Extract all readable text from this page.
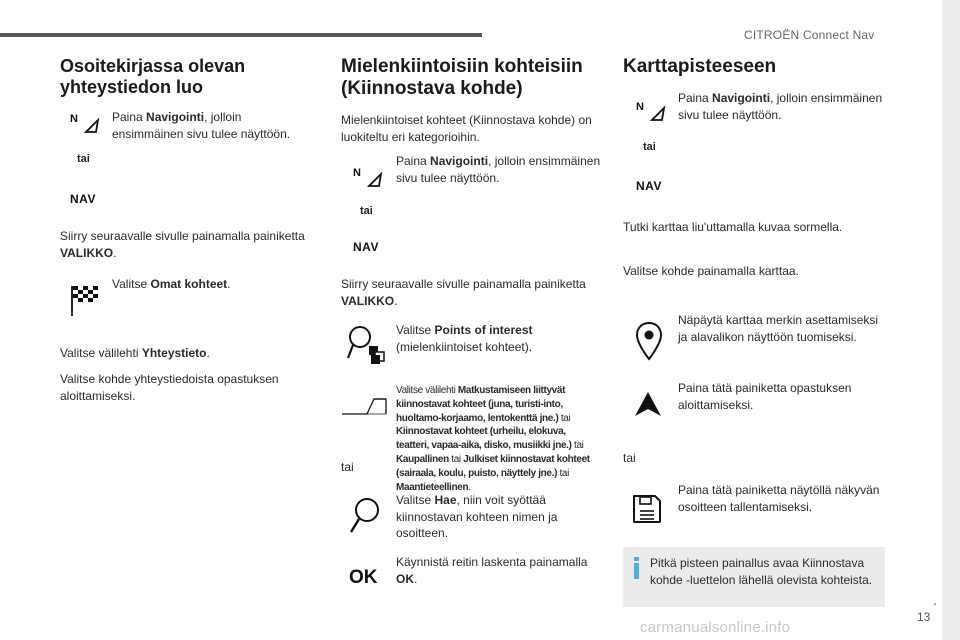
CITROËN Connect Nav
.
13
carmanualsonline.info
Osoitekirjassa olevan yhteystiedon luo
N
tai
NAV
Paina Navigointi, jolloin ensimmäinen sivu tulee näyttöön.
Siirry seuraavalle sivulle painamalla painiketta VALIKKO.
Valitse Omat kohteet.
Valitse välilehti Yhteystieto.
Valitse kohde yhteystiedoista opastuksen aloittamiseksi.
Mielenkiintoisiin kohteisiin (Kiinnostava kohde)
Mielenkiintoiset kohteet (Kiinnostava kohde) on luokiteltu eri kategorioihin.
N
tai
NAV
Paina Navigointi, jolloin ensimmäinen sivu tulee näyttöön.
Siirry seuraavalle sivulle painamalla painiketta VALIKKO.
Valitse Points of interest
(mielenkiintoiset kohteet).
tai
Valitse välilehti Matkustamiseen liittyvät kiinnostavat kohteet (juna, turisti-into, huoltamo-korjaamo, lentokenttä jne.) tai Kiinnostavat kohteet (urheilu, elokuva, teatteri, vapaa-aika, disko, musiikki jne.) tai Kaupallinen tai Julkiset kiinnostavat kohteet (sairaala, koulu, puisto, näyttely jne.) tai Maantieteellinen.
Valitse Hae, niin voit syöttää kiinnostavan kohteen nimen ja osoitteen.
OK
Käynnistä reitin laskenta painamalla OK.
Karttapisteeseen
N
tai
NAV
Paina Navigointi, jolloin ensimmäinen sivu tulee näyttöön.
Tutki karttaa liu'uttamalla kuvaa sormella.
Valitse kohde painamalla karttaa.
Näpäytä karttaa merkin asettamiseksi ja alavalikon näyttöön tuomiseksi.
Paina tätä painiketta opastuksen aloittamiseksi.
tai
Paina tätä painiketta näytöllä näkyvän osoitteen tallentamiseksi.
Pitkä pisteen painallus avaa Kiinnostava kohde -luettelon lähellä olevista kohteista.
